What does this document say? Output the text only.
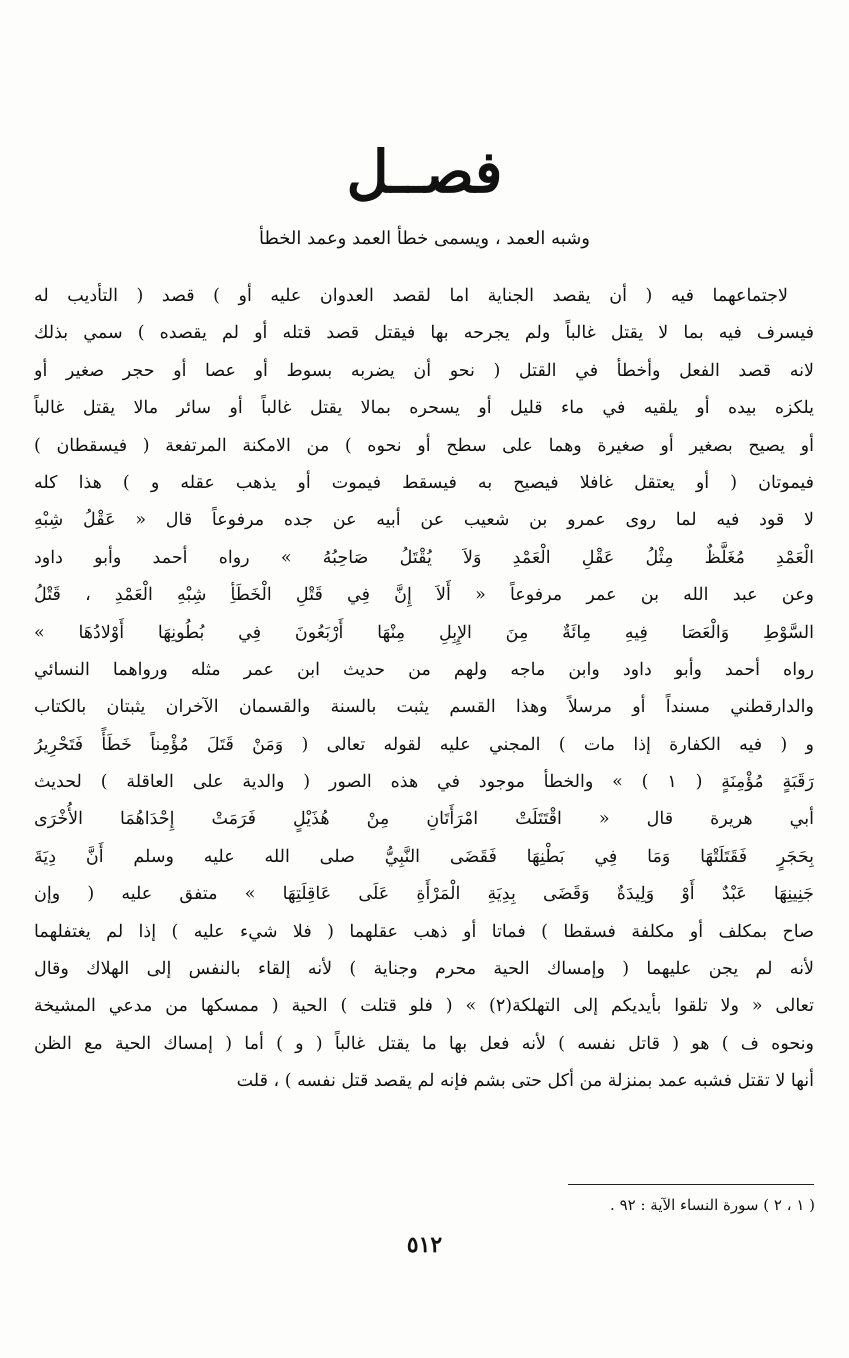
فصــل
وشبه العمد ، ويسمى خطأ العمد وعمد الخطأ
لاجتماعهما فيه ( أن يقصد الجناية اما لقصد العدوان عليه أو ) قصد ( التأديب له
فيسرف فيه بما لا يقتل غالباً ولم يجرحه بها فيقتل قصد قتله أو لم يقصده ) سمي بذلك
لانه قصد الفعل وأخطأ في القتل ( نحو أن يضربه بسوط أو عصا أو حجر صغير أو
يلكزه بيده أو يلقيه في ماء قليل أو يسحره بمالا يقتل غالباً أو سائر مالا يقتل غالباً
أو يصيح بصغير أو صغيرة وهما على سطح أو نحوه ) من الامكنة المرتفعة ( فيسقطان )
فيموتان ( أو يعتقل غافلا فيصيح به فيسقط فيموت أو يذهب عقله و ) هذا كله
لا قود فيه لما روى عمرو بن شعيب عن أبيه عن جده مرفوعاً قال « عَقْلُ شِبْهِ
الْعَمْدِ مُغَلَّظٌ مِثْلُ عَقْلِ الْعَمْدِ وَلاَ يُقْتَلُ صَاحِبُهُ » رواه أحمد وأبو داود
وعن عبد الله بن عمر مرفوعاً « أَلاَ إِنَّ فِي قَتْلِ الْخَطَأِ شِبْهِ الْعَمْدِ ، قَتْلُ
السَّوْطِ وَالْعَصَا فِيهِ مِائَةٌ مِنَ الإِبِلِ مِنْهَا أَرْبَعُونَ فِي بُطُونِهَا أَوْلادُهَا »
رواه أحمد وأبو داود وابن ماجه ولهم من حديث ابن عمر مثله ورواهما النسائي
والدارقطني مسنداً أو مرسلاً وهذا القسم يثبت بالسنة والقسمان الآخران يثبتان بالكتاب
و ( فيه الكفارة إذا مات ) المجني عليه لقوله تعالى ( وَمَنْ قَتَلَ مُؤْمِناً خَطَأً فَتَحْرِيرُ
رَقَبَةٍ مُؤْمِنَةٍ ( ١ ) » والخطأ موجود في هذه الصور ( والدية على العاقلة ) لحديث
أبي هريرة قال « اقْتَتَلَتْ امْرَأَتَانِ مِنْ هُذَيْلٍ فَرَمَتْ إِحْدَاهُمَا الأُخْرَى
بِحَجَرٍ فَقَتَلَتْهَا وَمَا فِي بَطْنِهَا فَقَضَى النَّبِيُّ صلى الله عليه وسلم أَنَّ دِيَةَ
جَنِينِهَا عَبْدٌ أَوْ وَلِيدَةٌ وَقَضَى بِدِيَةِ الْمَرْأَةِ عَلَى عَاقِلَتِهَا » متفق عليه ( وإن
صاح بمكلف أو مكلفة فسقطا ) فماتا أو ذهب عقلهما ( فلا شيء عليه ) إذا لم يغتفلهما
لأنه لم يجن عليهما ( وإمساك الحية محرم وجناية ) لأنه إلقاء بالنفس إلى الهلاك وقال
تعالى « ولا تلقوا بأيديكم إلى التهلكة(٢) » ( فلو قتلت ) الحية ( ممسكها من مدعي المشيخة
ونحوه ف ) هو ( قاتل نفسه ) لأنه فعل بها ما يقتل غالباً ( و ) أما ( إمساك الحية مع الظن
أنها لا تقتل فشبه عمد بمنزلة من أكل حتى بشم فإنه لم يقصد قتل نفسه ) ، قلت
( ١ ، ٢ ) سورة النساء الآية : ٩٢ .
٥١٢
